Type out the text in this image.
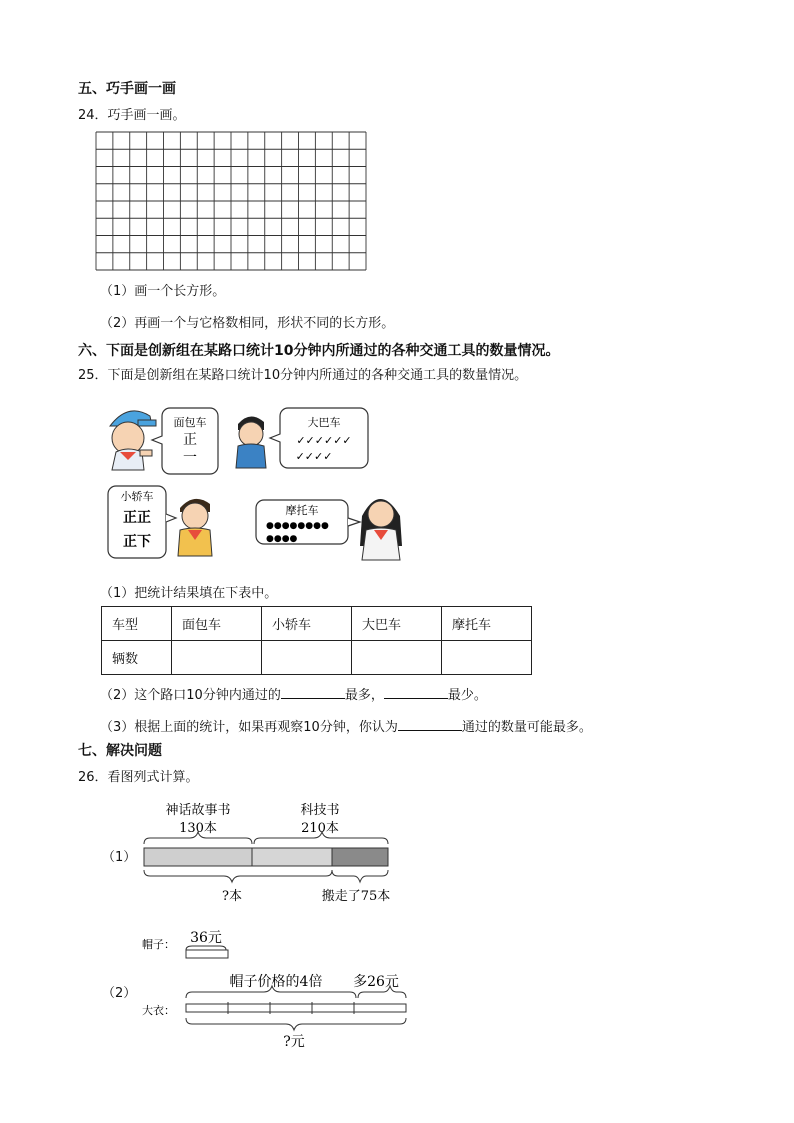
五、巧手画一画
24．巧手画一画。
（1）画一个长方形。
（2）再画一个与它格数相同，形状不同的长方形。
六、下面是创新组在某路口统计10分钟内所通过的各种交通工具的数量情况。
25．下面是创新组在某路口统计10分钟内所通过的各种交通工具的数量情况。
面包车
正
一
大巴车
✓✓✓✓✓✓
✓✓✓✓
小轿车
正正
正下
摩托车
●●●●●●●●
●●●●
（1）把统计结果填在下表中。
车型	面包车	小轿车	大巴车	摩托车
辆数				
（2）这个路口10分钟内通过的	最多，	最少。
（3）根据上面的统计，如果再观察10分钟，你认为	通过的数量可能最多。
七、解决问题
26．看图列式计算。
（1）
神话故事书
130本
科技书
210本
?本	搬走了75本
（2）
帽子： 36元
帽子价格的4倍 多26元
大衣：
?元
